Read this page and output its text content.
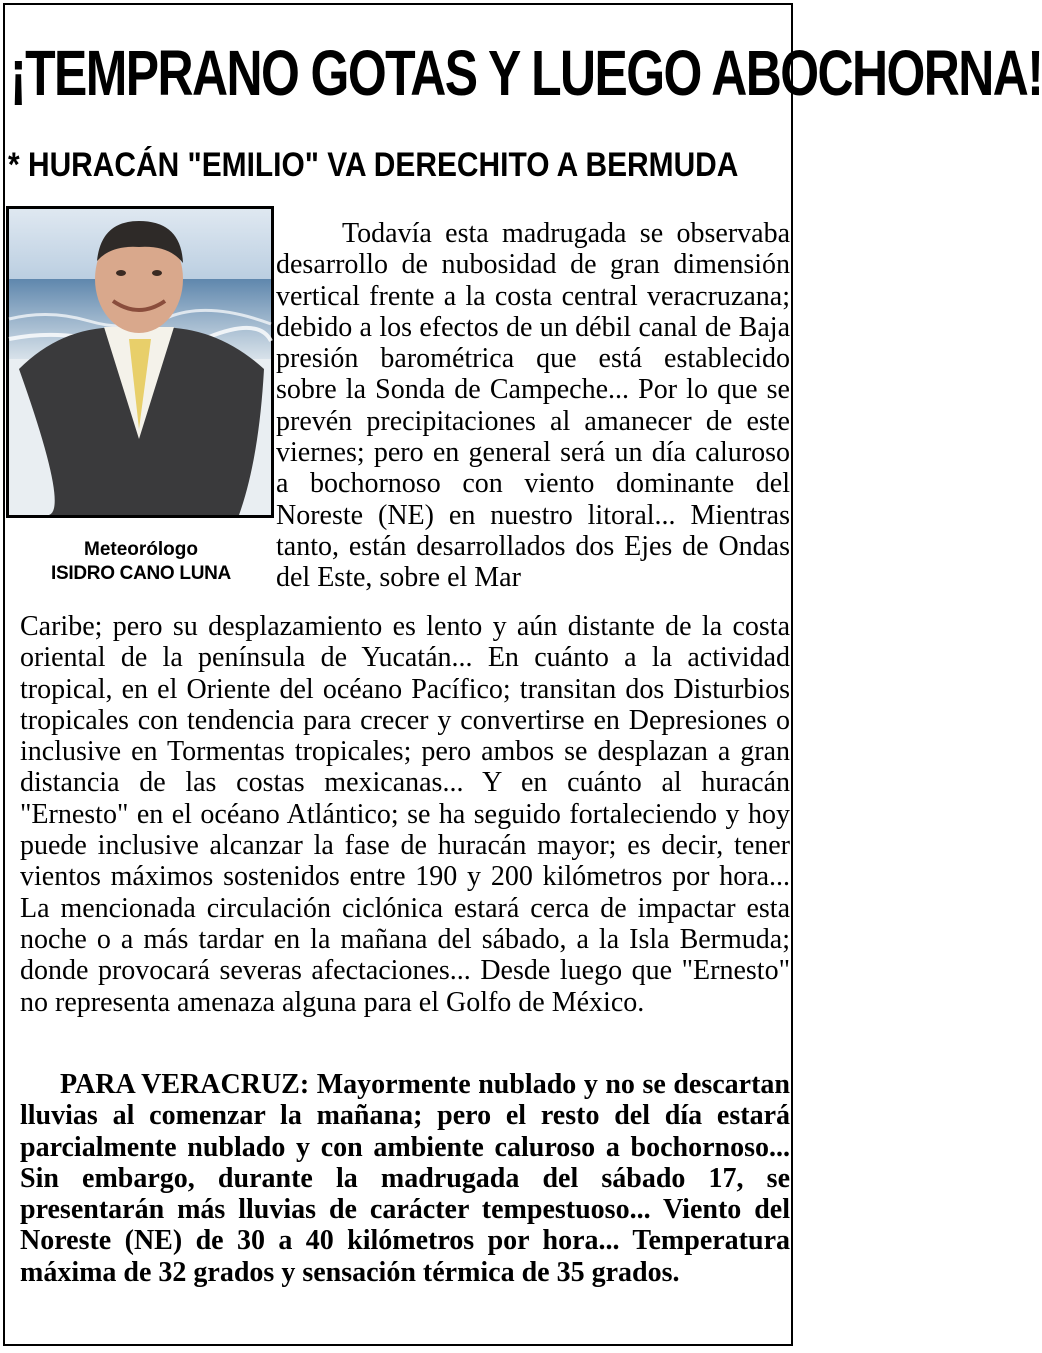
¡TEMPRANO GOTAS Y LUEGO ABOCHORNA!
* HURACÁN "EMILIO" VA DERECHITO A BERMUDA
Meteorólogo
ISIDRO CANO LUNA
Todavía esta madrugada se observaba desarrollo de nubosidad de gran dimensión vertical frente a la costa central veracruzana; debido a los efectos de un débil canal de Baja presión barométrica que está establecido sobre la Sonda de Campeche... Por lo que se prevén precipitaciones al amanecer de este viernes; pero en general será un día caluroso a bochornoso con viento dominante del Noreste (NE) en nuestro litoral... Mientras tanto, están desarrollados dos Ejes de Ondas del Este, sobre el Mar
Caribe; pero su desplazamiento es lento y aún distante de la costa oriental de la península de Yucatán... En cuánto a la actividad tropical, en el Oriente del océano Pacífico; transitan dos Disturbios tropicales con tendencia para crecer y convertirse en Depresiones o inclusive en Tormentas tropicales; pero ambos se desplazan a gran distancia de las costas mexicanas... Y en cuánto al huracán "Ernesto" en el océano Atlántico; se ha seguido fortaleciendo y hoy puede inclusive alcanzar la fase de huracán mayor; es decir, tener vientos máximos sostenidos entre 190 y 200 kilómetros por hora... La mencionada circulación ciclónica estará cerca de impactar esta noche o a más tardar en la mañana del sábado, a la Isla Bermuda; donde provocará severas afectaciones... Desde luego que "Ernesto" no representa amenaza alguna para el Golfo de México.
PARA VERACRUZ: Mayormente nublado y no se descartan lluvias al comenzar la mañana; pero el resto del día estará parcialmente nublado y con ambiente caluroso a bochornoso... Sin embargo, durante la madrugada del sábado 17, se presentarán más lluvias de carácter tempestuoso... Viento del Noreste (NE) de 30 a 40 kilómetros por hora... Temperatura máxima de 32 grados y sensación térmica de 35 grados.
